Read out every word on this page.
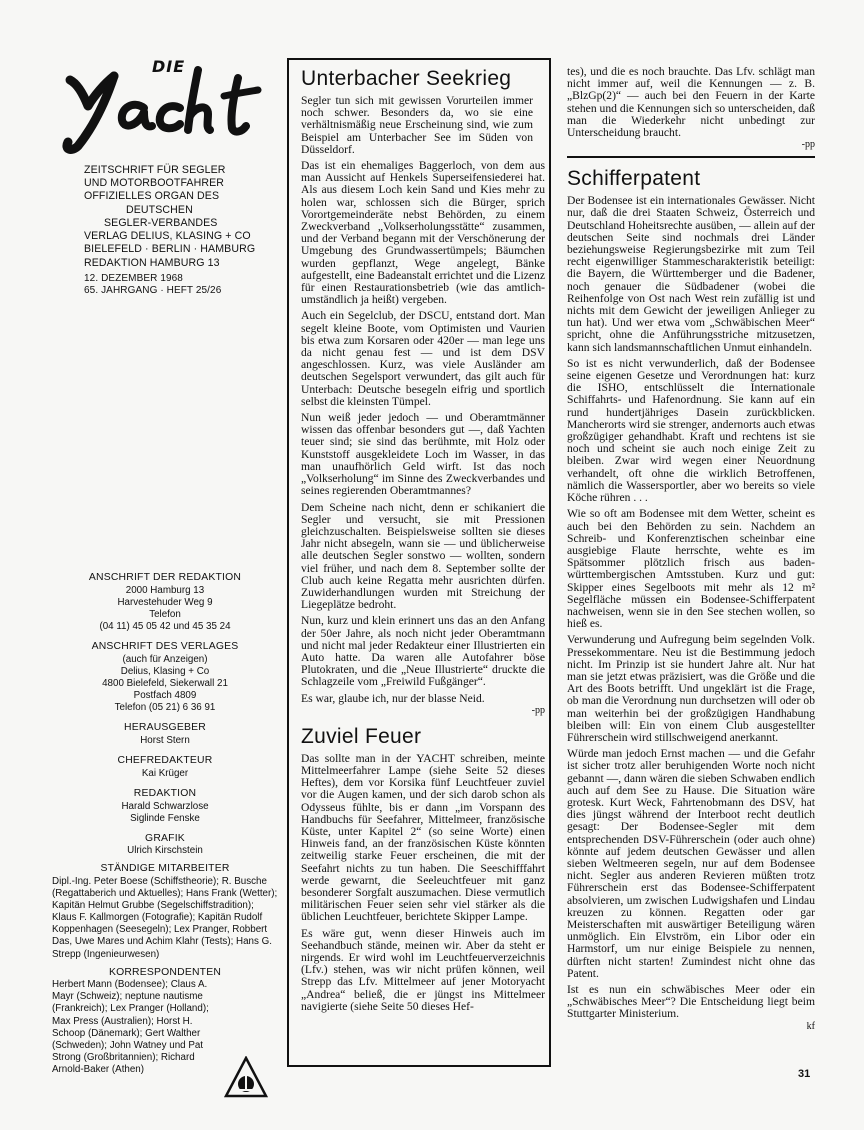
DIE
ZEITSCHRIFT FÜR SEGLER
UND MOTORBOOTFAHRER
OFFIZIELLES ORGAN DES
DEUTSCHEN
SEGLER-VERBANDES
VERLAG DELIUS, KLASING + CO
BIELEFELD · BERLIN · HAMBURG
REDAKTION HAMBURG 13
12. DEZEMBER 1968
65. JAHRGANG · HEFT 25/26
ANSCHRIFT DER REDAKTION
2000 Hamburg 13
Harvestehuder Weg 9
Telefon
(04 11) 45 05 42 und 45 35 24
ANSCHRIFT DES VERLAGES
(auch für Anzeigen)
Delius, Klasing + Co
4800 Bielefeld, Siekerwall 21
Postfach 4809
Telefon (05 21) 6 36 91
HERAUSGEBER
Horst Stern
CHEFREDAKTEUR
Kai Krüger
REDAKTION
Harald Schwarzlose
Siglinde Fenske
GRAFIK
Ulrich Kirschstein
STÄNDIGE MITARBEITER
Dipl.-Ing. Peter Boese (Schiffstheorie); R. Busche (Regattaberich und Aktuelles); Hans Frank (Wetter); Kapitän Helmut Grubbe (Segelschiffstradition); Klaus F. Kallmorgen (Fotografie); Kapitän Rudolf Koppenhagen (Seesegeln); Lex Pranger, Robbert Das, Uwe Mares und Achim Klahr (Tests); Hans G. Strepp (Ingenieurwesen)
KORRESPONDENTEN
Herbert Mann (Bodensee); Claus A. Mayr (Schweiz); neptune nautisme (Frankreich); Lex Pranger (Holland); Max Press (Australien); Horst H. Schoop (Dänemark); Gert Walther (Schweden); John Watney und Pat Strong (Großbritannien); Richard Arnold-Baker (Athen)
Unterbacher Seekrieg
Segler tun sich mit gewissen Vorurteilen immer noch schwer. Besonders da, wo sie eine verhältnismäßig neue Erscheinung sind, wie zum Beispiel am Unterbacher See im Süden von Düsseldorf.
Das ist ein ehemaliges Baggerloch, von dem aus man Aussicht auf Henkels Superseifensiederei hat. Als aus diesem Loch kein Sand und Kies mehr zu holen war, schlossen sich die Bürger, sprich Vorortgemeinderäte nebst Behörden, zu einem Zweckverband „Volkserholungsstätte“ zusammen, und der Verband begann mit der Verschönerung der Umgebung des Grundwassertümpels; Bäumchen wurden gepflanzt, Wege angelegt, Bänke aufgestellt, eine Badeanstalt errichtet und die Lizenz für einen Restaurationsbetrieb (wie das amtlich-umständlich ja heißt) vergeben.
Auch ein Segelclub, der DSCU, entstand dort. Man segelt kleine Boote, vom Optimisten und Vaurien bis etwa zum Korsaren oder 420er — man lege uns da nicht genau fest — und ist dem DSV angeschlossen. Kurz, was viele Ausländer am deutschen Segelsport verwundert, das gilt auch für Unterbach: Deutsche besegeln eifrig und sportlich selbst die kleinsten Tümpel.
Nun weiß jeder jedoch — und Oberamtmänner wissen das offenbar besonders gut —, daß Yachten teuer sind; sie sind das berühmte, mit Holz oder Kunststoff ausgekleidete Loch im Wasser, in das man unaufhörlich Geld wirft. Ist das noch „Volkserholung“ im Sinne des Zweckverbandes und seines regierenden Oberamtmannes?
Dem Scheine nach nicht, denn er schikaniert die Segler und versucht, sie mit Pressionen gleichzuschalten. Beispielsweise sollten sie dieses Jahr nicht absegeln, wann sie — und üblicherweise alle deutschen Segler sonstwo — wollten, sondern viel früher, und nach dem 8. September sollte der Club auch keine Regatta mehr ausrichten dürfen. Zuwiderhandlungen wurden mit Streichung der Liegeplätze bedroht.
Nun, kurz und klein erinnert uns das an den Anfang der 50er Jahre, als noch nicht jeder Oberamtmann und nicht mal jeder Redakteur einer Illustrierten ein Auto hatte. Da waren alle Autofahrer böse Plutokraten, und die „Neue Illustrierte“ druckte die Schlagzeile vom „Freiwild Fußgänger“.
Es war, glaube ich, nur der blasse Neid.
-pp
Zuviel Feuer
Das sollte man in der YACHT schreiben, meinte Mittelmeerfahrer Lampe (siehe Seite 52 dieses Heftes), dem vor Korsika fünf Leuchtfeuer zuviel vor die Augen kamen, und der sich darob schon als Odysseus fühlte, bis er dann „im Vorspann des Handbuchs für Seefahrer, Mittelmeer, französische Küste, unter Kapitel 2“ (so seine Worte) einen Hinweis fand, an der französischen Küste könnten zeitweilig starke Feuer erscheinen, die mit der Seefahrt nichts zu tun haben. Die Seeschifffahrt werde gewarnt, die Seeleuchtfeuer mit ganz besonderer Sorgfalt auszumachen. Diese vermutlich militärischen Feuer seien sehr viel stärker als die üblichen Leuchtfeuer, berichtete Skipper Lampe.
Es wäre gut, wenn dieser Hinweis auch im Seehandbuch stände, meinen wir. Aber da steht er nirgends. Er wird wohl im Leuchtfeuerverzeichnis (Lfv.) stehen, was wir nicht prüfen können, weil Strepp das Lfv. Mittelmeer auf jener Motoryacht „Andrea“ beließ, die er jüngst ins Mittelmeer navigierte (siehe Seite 50 dieses Hef-
tes), und die es noch brauchte. Das Lfv. schlägt man nicht immer auf, weil die Kennungen — z. B. „BlzGp(2)“ — auch bei den Feuern in der Karte stehen und die Kennungen sich so unterscheiden, daß man die Wiederkehr nicht unbedingt zur Unterscheidung braucht.
-pp
Schifferpatent
Der Bodensee ist ein internationales Gewässer. Nicht nur, daß die drei Staaten Schweiz, Österreich und Deutschland Hoheitsrechte ausüben, — allein auf der deutschen Seite sind nochmals drei Länder beziehungsweise Regierungsbezirke mit zum Teil recht eigenwilliger Stammescharakteristik beteiligt: die Bayern, die Württemberger und die Badener, noch genauer die Südbadener (wobei die Reihenfolge von Ost nach West rein zufällig ist und nichts mit dem Gewicht der jeweiligen Anlieger zu tun hat). Und wer etwa vom „Schwäbischen Meer“ spricht, ohne die Anführungsstriche mitzusetzen, kann sich landsmannschaftlichen Unmut einhandeln.
So ist es nicht verwunderlich, daß der Bodensee seine eigenen Gesetze und Verordnungen hat: kurz die ISHO, entschlüsselt die Internationale Schiffahrts- und Hafenordnung. Sie kann auf ein rund hundertjähriges Dasein zurückblicken. Mancherorts wird sie strenger, andernorts auch etwas großzügiger gehandhabt. Kraft und rechtens ist sie noch und scheint sie auch noch einige Zeit zu bleiben. Zwar wird wegen einer Neuordnung verhandelt, oft ohne die wirklich Betroffenen, nämlich die Wassersportler, aber wo bereits so viele Köche rühren . . .
Wie so oft am Bodensee mit dem Wetter, scheint es auch bei den Behörden zu sein. Nachdem an Schreib- und Konferenztischen scheinbar eine ausgiebige Flaute herrschte, wehte es im Spätsommer plötzlich frisch aus baden-württembergischen Amtsstuben. Kurz und gut: Skipper eines Segelboots mit mehr als 12 m² Segelfläche müssen ein Bodensee-Schifferpatent nachweisen, wenn sie in den See stechen wollen, so hieß es.
Verwunderung und Aufregung beim segelnden Volk. Pressekommentare. Neu ist die Bestimmung jedoch nicht. Im Prinzip ist sie hundert Jahre alt. Nur hat man sie jetzt etwas präzisiert, was die Größe und die Art des Boots betrifft. Und ungeklärt ist die Frage, ob man die Verordnung nun durchsetzen will oder ob man weiterhin bei der großzügigen Handhabung bleiben will: Ein von einem Club ausgestellter Führerschein wird stillschweigend anerkannt.
Würde man jedoch Ernst machen — und die Gefahr ist sicher trotz aller beruhigenden Worte noch nicht gebannt —, dann wären die sieben Schwaben endlich auch auf dem See zu Hause. Die Situation wäre grotesk. Kurt Weck, Fahrtenobmann des DSV, hat dies jüngst während der Interboot recht deutlich gesagt: Der Bodensee-Segler mit dem entsprechenden DSV-Führerschein (oder auch ohne) könnte auf jedem deutschen Gewässer und allen sieben Weltmeeren segeln, nur auf dem Bodensee nicht. Segler aus anderen Revieren müßten trotz Führerschein erst das Bodensee-Schifferpatent absolvieren, um zwischen Ludwigshafen und Lindau kreuzen zu können. Regatten oder gar Meisterschaften mit auswärtiger Beteiligung wären unmöglich. Ein Elvström, ein Libor oder ein Harmstorf, um nur einige Beispiele zu nennen, dürften nicht starten! Zumindest nicht ohne das Patent.
Ist es nun ein schwäbisches Meer oder ein „Schwäbisches Meer“? Die Entscheidung liegt beim Stuttgarter Ministerium.
kf
31
